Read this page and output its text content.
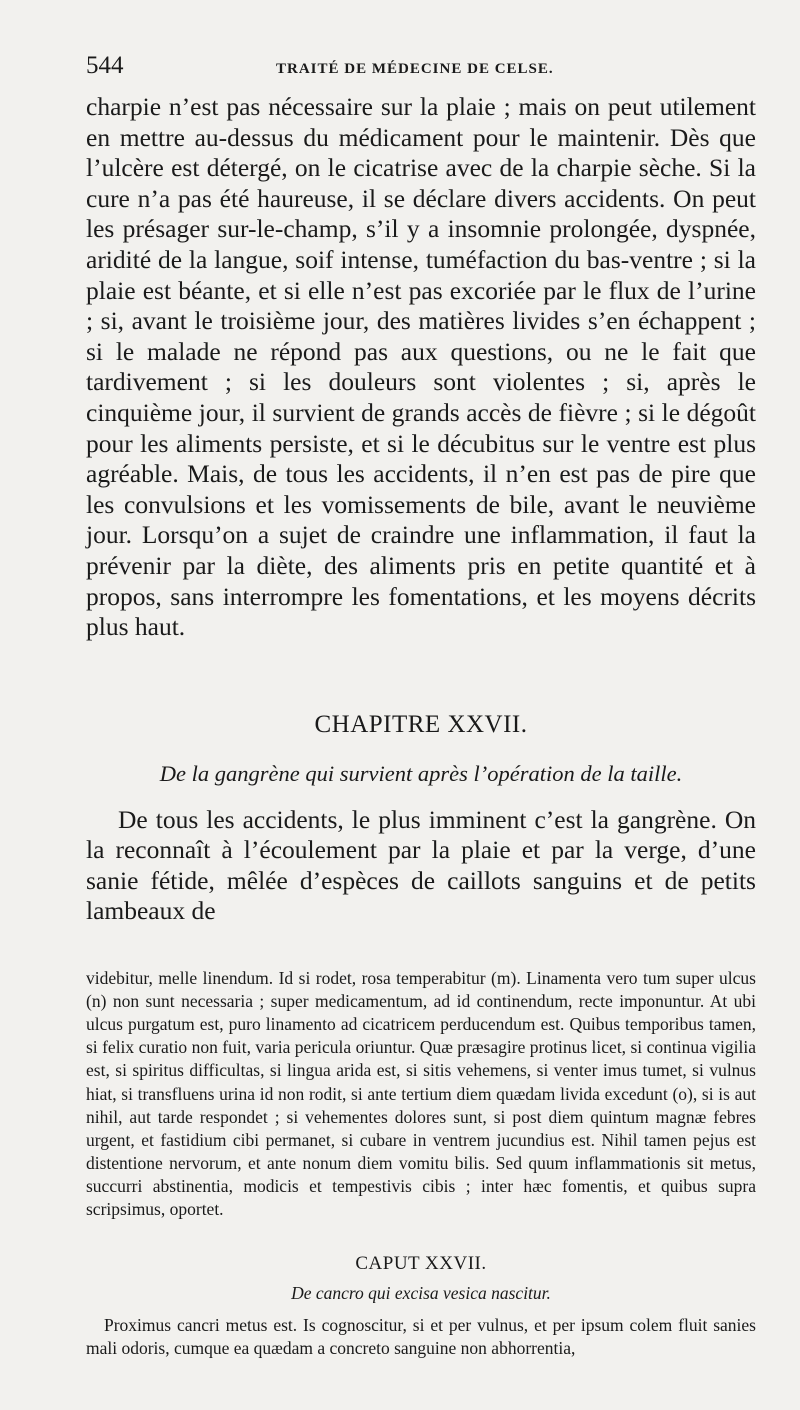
544	TRAITÉ DE MÉDECINE DE CELSE.

charpie n’est pas nécessaire sur la plaie ; mais on peut utilement en mettre au-dessus du médicament pour le maintenir. Dès que l’ulcère est détergé, on le cicatrise avec de la charpie sèche. Si la cure n’a pas été haureuse, il se déclare divers accidents. On peut les présager sur-le-champ, s’il y a insomnie prolongée, dyspnée, aridité de la langue, soif intense, tuméfaction du bas-ventre ; si la plaie est béante, et si elle n’est pas excoriée par le flux de l’urine ; si, avant le troisième jour, des matières livides s’en échappent ; si le malade ne répond pas aux questions, ou ne le fait que tardivement ; si les douleurs sont violentes ; si, après le cinquième jour, il survient de grands accès de fièvre ; si le dégoût pour les aliments persiste, et si le décubitus sur le ventre est plus agréable. Mais, de tous les accidents, il n’en est pas de pire que les convulsions et les vomissements de bile, avant le neuvième jour. Lorsqu’on a sujet de craindre une inflammation, il faut la prévenir par la diète, des aliments pris en petite quantité et à propos, sans interrompre les fomentations, et les moyens décrits plus haut.

CHAPITRE XXVII.
De la gangrène qui survient après l’opération de la taille.

De tous les accidents, le plus imminent c’est la gangrène. On la reconnaît à l’écoulement par la plaie et par la verge, d’une sanie fétide, mêlée d’espèces de caillots sanguins et de petits lambeaux de

videbitur, melle linendum. Id si rodet, rosa temperabitur (m). Linamenta vero tum super ulcus (n) non sunt necessaria ; super medicamentum, ad id continendum, recte imponuntur. At ubi ulcus purgatum est, puro linamento ad cicatricem perducendum est. Quibus temporibus tamen, si felix curatio non fuit, varia pericula oriuntur. Quæ præsagire protinus licet, si continua vigilia est, si spiritus difficultas, si lingua arida est, si sitis vehemens, si venter imus tumet, si vulnus hiat, si transfluens urina id non rodit, si ante tertium diem quædam livida excedunt (o), si is aut nihil, aut tarde respondet ; si vehementes dolores sunt, si post diem quintum magnæ febres urgent, et fastidium cibi permanet, si cubare in ventrem jucundius est. Nihil tamen pejus est distentione nervorum, et ante nonum diem vomitu bilis. Sed quum inflammationis sit metus, succurri abstinentia, modicis et tempestivis cibis ; inter hæc fomentis, et quibus supra scripsimus, oportet.

CAPUT XXVII.
De cancro qui excisa vesica nascitur.

Proximus cancri metus est. Is cognoscitur, si et per vulnus, et per ipsum colem fluit sanies mali odoris, cumque ea quædam a concreto sanguine non abhorrentia,
